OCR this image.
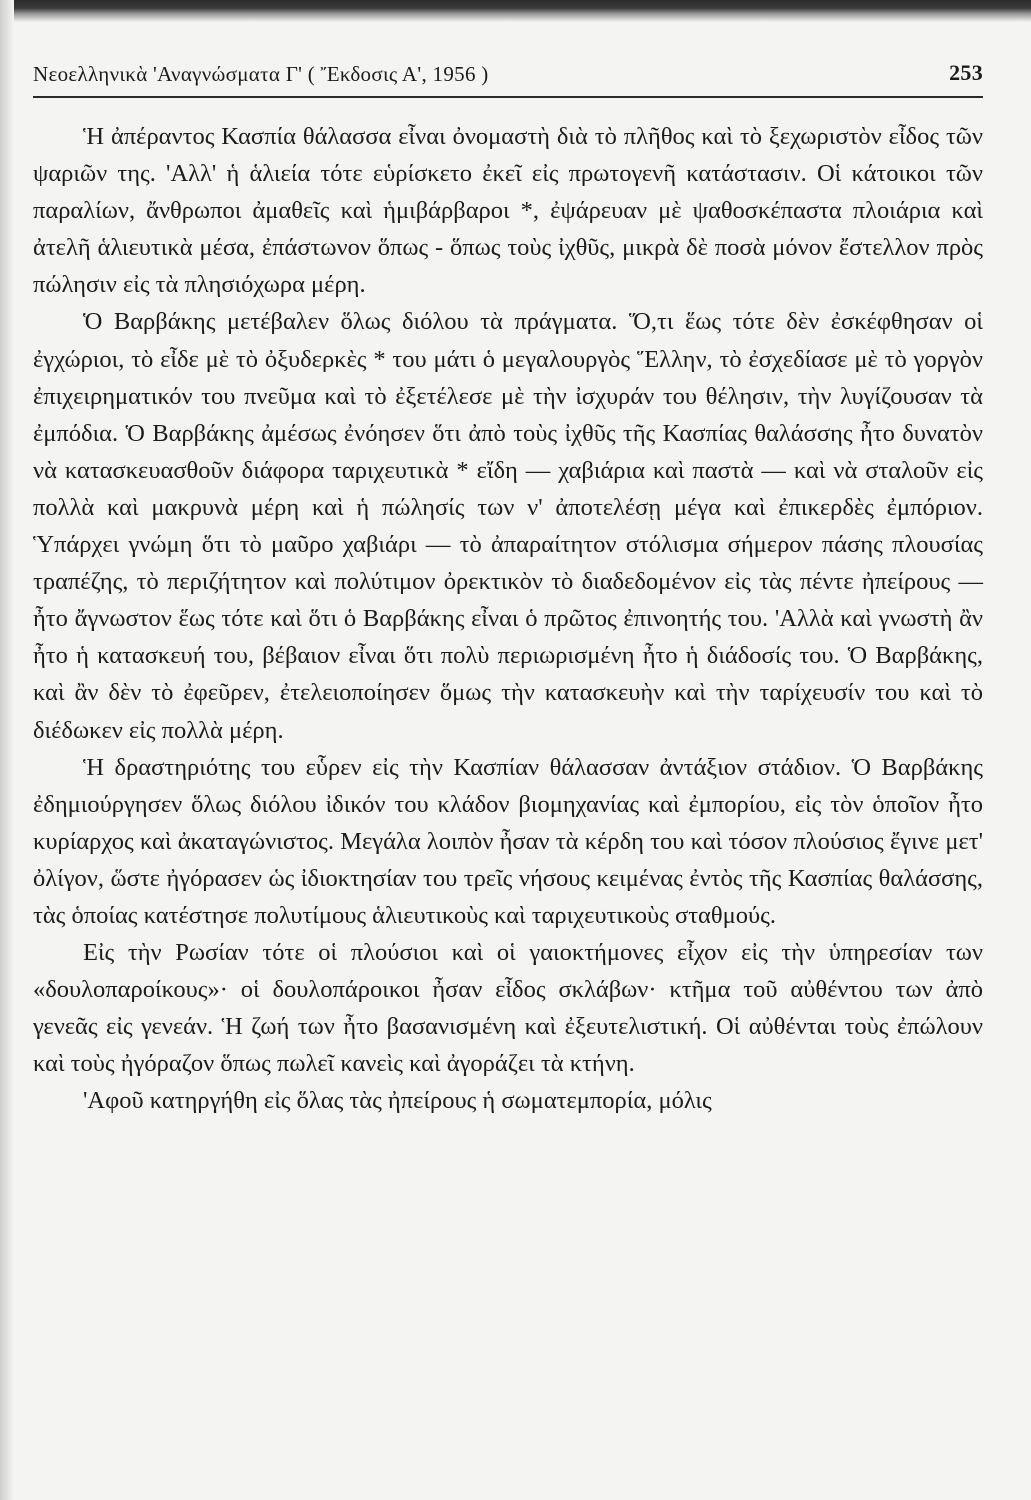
Νεοελληνικὰ 'Αναγνώσματα Γ' ( Ἔκδοσις Α', 1956 )	253

Ἡ ἀπέραντος Κασπία θάλασσα εἶναι ὀνομαστὴ διὰ τὸ πλῆθος καὶ τὸ ξεχωριστὸν εἶδος τῶν ψαριῶν της. 'Αλλ' ἡ ἁλιεία τότε εὑρίσκετο ἐκεῖ εἰς πρωτογενῆ κατάστασιν. Οἱ κάτοικοι τῶν παραλίων, ἄνθρωποι ἀμαθεῖς καὶ ἡμιβάρβαροι *, ἐψάρευαν μὲ ψαθοσκέπαστα πλοιάρια καὶ ἀτελῆ ἁλιευτικὰ μέσα, ἐπάστωνον ὅπως - ὅπως τοὺς ἰχθῦς, μικρὰ δὲ ποσὰ μόνον ἔστελλον πρὸς πώλησιν εἰς τὰ πλησιόχωρα μέρη.

Ὁ Βαρβάκης μετέβαλεν ὅλως διόλου τὰ πράγματα. Ὅ,τι ἕως τότε δὲν ἐσκέφθησαν οἱ ἐγχώριοι, τὸ εἶδε μὲ τὸ ὀξυδερκὲς * του μάτι ὁ μεγαλουργὸς Ἕλλην, τὸ ἐσχεδίασε μὲ τὸ γοργὸν ἐπιχειρηματικόν του πνεῦμα καὶ τὸ ἐξετέλεσε μὲ τὴν ἰσχυράν του θέλησιν, τὴν λυγίζουσαν τὰ ἐμπόδια. Ὁ Βαρβάκης ἀμέσως ἐνόησεν ὅτι ἀπὸ τοὺς ἰχθῦς τῆς Κασπίας θαλάσσης ἦτο δυνατὸν νὰ κατασκευασθοῦν διάφορα ταριχευτικὰ * εἴδη — χαβιάρια καὶ παστὰ — καὶ νὰ σταλοῦν εἰς πολλὰ καὶ μακρυνὰ μέρη καὶ ἡ πώλησίς των ν' ἀποτελέσῃ μέγα καὶ ἐπικερδὲς ἐμπόριον. Ὑπάρχει γνώμη ὅτι τὸ μαῦρο χαβιάρι — τὸ ἀπαραίτητον στόλισμα σήμερον πάσης πλουσίας τραπέζης, τὸ περιζήτητον καὶ πολύτιμον ὀρεκτικὸν τὸ διαδεδομένον εἰς τὰς πέντε ἠπείρους — ἦτο ἄγνωστον ἕως τότε καὶ ὅτι ὁ Βαρβάκης εἶναι ὁ πρῶτος ἐπινοητής του. 'Αλλὰ καὶ γνωστὴ ἂν ἦτο ἡ κατασκευή του, βέβαιον εἶναι ὅτι πολὺ περιωρισμένη ἦτο ἡ διάδοσίς του. Ὁ Βαρβάκης, καὶ ἂν δὲν τὸ ἐφεῦρεν, ἐτελειοποίησεν ὅμως τὴν κατασκευὴν καὶ τὴν ταρίχευσίν του καὶ τὸ διέδωκεν εἰς πολλὰ μέρη.

Ἡ δραστηριότης του εὗρεν εἰς τὴν Κασπίαν θάλασσαν ἀντάξιον στάδιον. Ὁ Βαρβάκης ἐδημιούργησεν ὅλως διόλου ἰδικόν του κλάδον βιομηχανίας καὶ ἐμπορίου, εἰς τὸν ὁποῖον ἦτο κυρίαρχος καὶ ἀκαταγώνιστος. Μεγάλα λοιπὸν ἦσαν τὰ κέρδη του καὶ τόσον πλούσιος ἔγινε μετ' ὀλίγον, ὥστε ἠγόρασεν ὡς ἰδιοκτησίαν του τρεῖς νήσους κειμένας ἐντὸς τῆς Κασπίας θαλάσσης, τὰς ὁποίας κατέστησε πολυτίμους ἁλιευτικοὺς καὶ ταριχευτικοὺς σταθμούς.

Εἰς τὴν Ρωσίαν τότε οἱ πλούσιοι καὶ οἱ γαιοκτήμονες εἶχον εἰς τὴν ὑπηρεσίαν των «δουλοπαροίκους»· οἱ δουλοπάροικοι ἦσαν εἶδος σκλάβων· κτῆμα τοῦ αὐθέντου των ἀπὸ γενεᾶς εἰς γενεάν. Ἡ ζωή των ἦτο βασανισμένη καὶ ἐξευτελιστική. Οἱ αὐθένται τοὺς ἐπώλουν καὶ τοὺς ἠγόραζον ὅπως πωλεῖ κανεὶς καὶ ἀγοράζει τὰ κτήνη.

'Αφοῦ κατηργήθη εἰς ὅλας τὰς ἠπείρους ἡ σωματεμπορία, μόλις
